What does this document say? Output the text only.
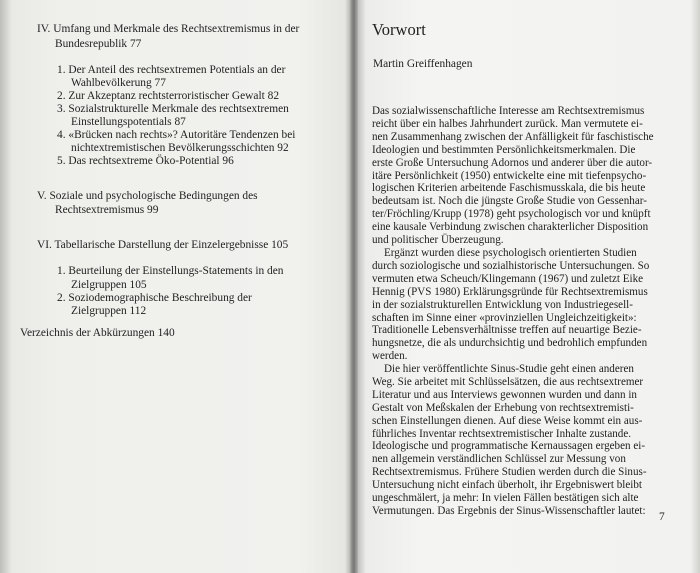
IV. Umfang und Merkmale des Rechtsextremismus in der
Bundesrepublik 77
1. Der Anteil des rechtsextremen Potentials an der
Wahlbevölkerung 77
2. Zur Akzeptanz rechtsterroristischer Gewalt 82
3. Sozialstrukturelle Merkmale des rechtsextremen
Einstellungspotentials 87
4. «Brücken nach rechts»? Autoritäre Tendenzen bei
nichtextremistischen Bevölkerungsschichten 92
5. Das rechtsextreme Öko-Potential 96
V. Soziale und psychologische Bedingungen des
Rechtsextremismus 99
VI. Tabellarische Darstellung der Einzelergebnisse 105
1. Beurteilung der Einstellungs-Statements in den
Zielgruppen 105
2. Soziodemographische Beschreibung der
Zielgruppen 112
Verzeichnis der Abkürzungen 140
Vorwort
Martin Greiffenhagen
Das sozialwissenschaftliche Interesse am Rechtsextremismus
reicht über ein halbes Jahrhundert zurück. Man vermutete ei-
nen Zusammenhang zwischen der Anfälligkeit für faschistische
Ideologien und bestimmten Persönlichkeitsmerkmalen. Die
erste Große Untersuchung Adornos und anderer über die autor-
itäre Persönlichkeit (1950) entwickelte eine mit tiefenpsycho-
logischen Kriterien arbeitende Faschismusskala, die bis heute
bedeutsam ist. Noch die jüngste Große Studie von Gessenhar-
ter/Fröchling/Krupp (1978) geht psychologisch vor und knüpft
eine kausale Verbindung zwischen charakterlicher Disposition
und politischer Überzeugung.
Ergänzt wurden diese psychologisch orientierten Studien
durch soziologische und sozialhistorische Untersuchungen. So
vermuten etwa Scheuch/Klingemann (1967) und zuletzt Eike
Hennig (PVS 1980) Erklärungsgründe für Rechtsextremismus
in der sozialstrukturellen Entwicklung von Industriegesell-
schaften im Sinne einer «provinziellen Ungleichzeitigkeit»:
Traditionelle Lebensverhältnisse treffen auf neuartige Bezie-
hungsnetze, die als undurchsichtig und bedrohlich empfunden
werden.
Die hier veröffentlichte Sinus-Studie geht einen anderen
Weg. Sie arbeitet mit Schlüsselsätzen, die aus rechtsextremer
Literatur und aus Interviews gewonnen wurden und dann in
Gestalt von Meßskalen der Erhebung von rechtsextremisti-
schen Einstellungen dienen. Auf diese Weise kommt ein aus-
führliches Inventar rechtsextremistischer Inhalte zustande.
Ideologische und programmatische Kernaussagen ergeben ei-
nen allgemein verständlichen Schlüssel zur Messung von
Rechtsextremismus. Frühere Studien werden durch die Sinus-
Untersuchung nicht einfach überholt, ihr Ergebniswert bleibt
ungeschmälert, ja mehr: In vielen Fällen bestätigen sich alte
Vermutungen. Das Ergebnis der Sinus-Wissenschaftler lautet:
7
